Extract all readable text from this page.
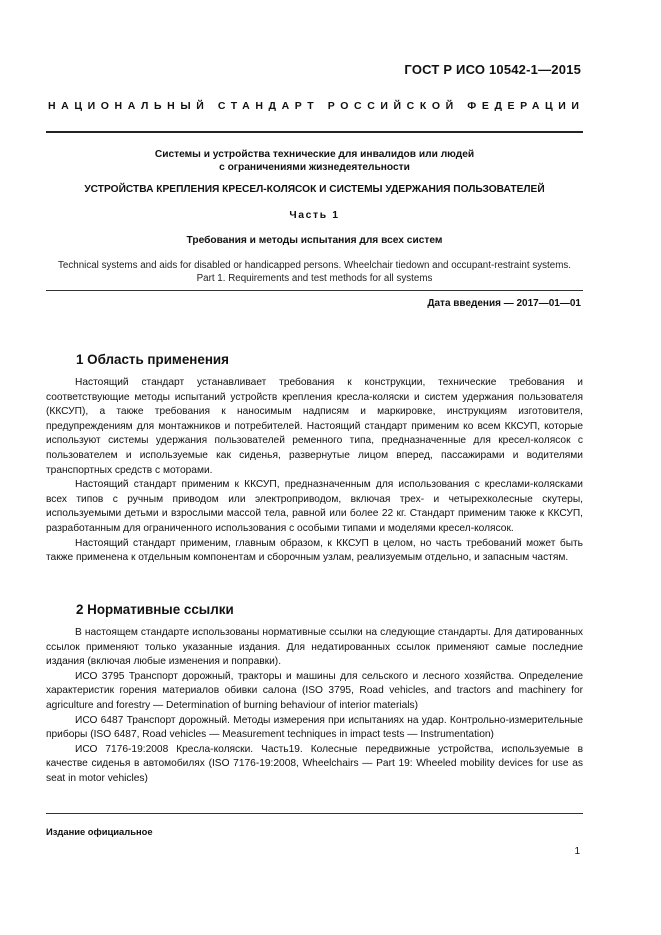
ГОСТ Р ИСО 10542-1—2015
НАЦИОНАЛЬНЫЙ СТАНДАРТ РОССИЙСКОЙ ФЕДЕРАЦИИ
Системы и устройства технические для инвалидов или людей
с ограничениями жизнедеятельности
УСТРОЙСТВА КРЕПЛЕНИЯ КРЕСЕЛ-КОЛЯСОК И СИСТЕМЫ УДЕРЖАНИЯ ПОЛЬЗОВАТЕЛЕЙ
Часть 1
Требования и методы испытания для всех систем
Technical systems and aids for disabled or handicapped persons. Wheelchair tiedown and occupant-restraint systems.
Part 1. Requirements and test methods for all systems
Дата введения — 2017—01—01
1 Область применения

Настоящий стандарт устанавливает требования к конструкции, технические требования и соответствующие методы испытаний устройств крепления кресла-коляски и систем удержания пользователя (ККСУП), а также требования к наносимым надписям и маркировке, инструкциям изготовителя, предупреждениям для монтажников и потребителей. Настоящий стандарт применим ко всем ККСУП, которые используют системы удержания пользователей ременного типа, предназначенные для кресел-колясок с пользователем и используемые как сиденья, развернутые лицом вперед, пассажирами и водителями транспортных средств с моторами.

Настоящий стандарт применим к ККСУП, предназначенным для использования с креслами-колясками всех типов с ручным приводом или электроприводом, включая трех- и четырехколесные скутеры, используемыми детьми и взрослыми массой тела, равной или более 22 кг. Стандарт применим также к ККСУП, разработанным для ограниченного использования с особыми типами и моделями кресел-колясок.

Настоящий стандарт применим, главным образом, к ККСУП в целом, но часть требований может быть также применена к отдельным компонентам и сборочным узлам, реализуемым отдельно, и запасным частям.

2 Нормативные ссылки

В настоящем стандарте использованы нормативные ссылки на следующие стандарты. Для датированных ссылок применяют только указанные издания. Для недатированных ссылок применяют самые последние издания (включая любые изменения и поправки).

ИСО 3795 Транспорт дорожный, тракторы и машины для сельского и лесного хозяйства. Определение характеристик горения материалов обивки салона (ISO 3795, Road vehicles, and tractors and machinery for agriculture and forestry — Determination of burning behaviour of interior materials)

ИСО 6487 Транспорт дорожный. Методы измерения при испытаниях на удар. Контрольно-измерительные приборы (ISO 6487, Road vehicles — Measurement techniques in impact tests — Instrumentation)

ИСО 7176-19:2008 Кресла-коляски. Часть19. Колесные передвижные устройства, используемые в качестве сиденья в автомобилях (ISO 7176-19:2008, Wheelchairs — Part 19: Wheeled mobility devices for use as seat in motor vehicles)

Издание официальное
1
